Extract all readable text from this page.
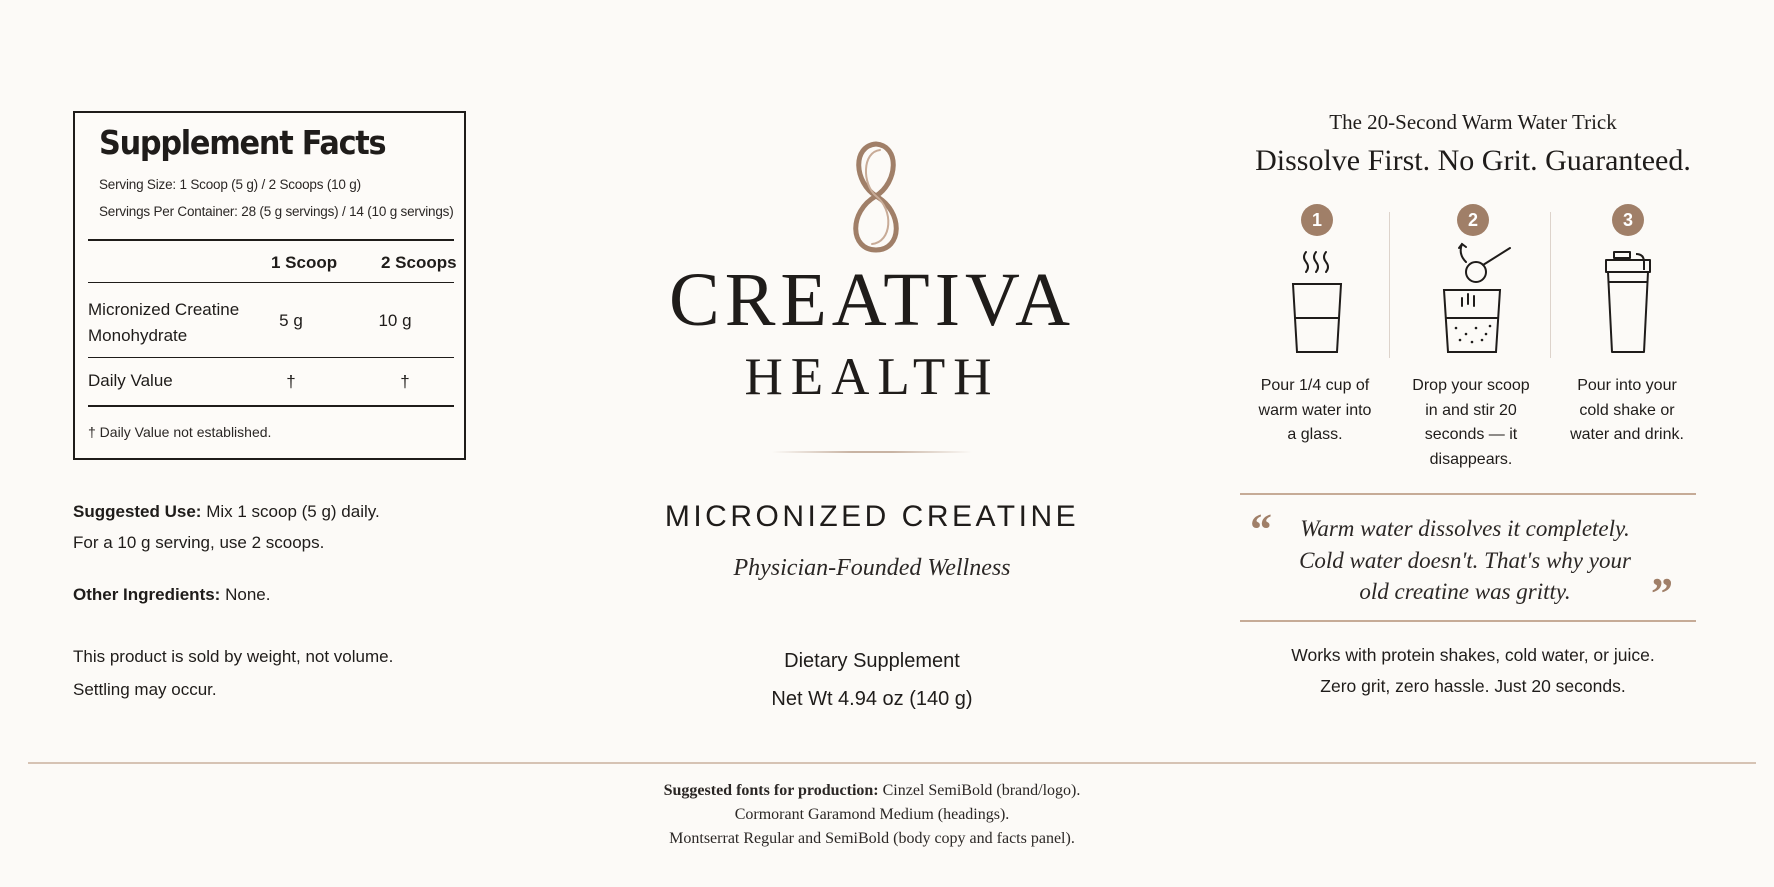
Supplement Facts
Serving Size: 1 Scoop (5 g) / 2 Scoops (10 g)
Servings Per Container: 28 (5 g servings) / 14 (10 g servings)
1 Scoop	2 Scoops
Micronized Creatine
Monohydrate
5 g	10 g
Daily Value	†	†
† Daily Value not established.
Suggested Use: Mix 1 scoop (5 g) daily.
For a 10 g serving, use 2 scoops.
Other Ingredients: None.
This product is sold by weight, not volume.
Settling may occur.
CREATIVA
HEALTH
MICRONIZED CREATINE
Physician-Founded Wellness
Dietary Supplement
Net Wt 4.94 oz (140 g)
The 20-Second Warm Water Trick
Dissolve First. No Grit. Guaranteed.
1
Pour 1/4 cup of
warm water into
a glass.
2
Drop your scoop
in and stir 20
seconds — it
disappears.
3
Pour into your
cold shake or
water and drink.
“	Warm water dissolves it completely.
Cold water doesn't. That's why your
old creatine was gritty.	”
Works with protein shakes, cold water, or juice.
Zero grit, zero hassle. Just 20 seconds.
Suggested fonts for production: Cinzel SemiBold (brand/logo).
Cormorant Garamond Medium (headings).
Montserrat Regular and SemiBold (body copy and facts panel).
